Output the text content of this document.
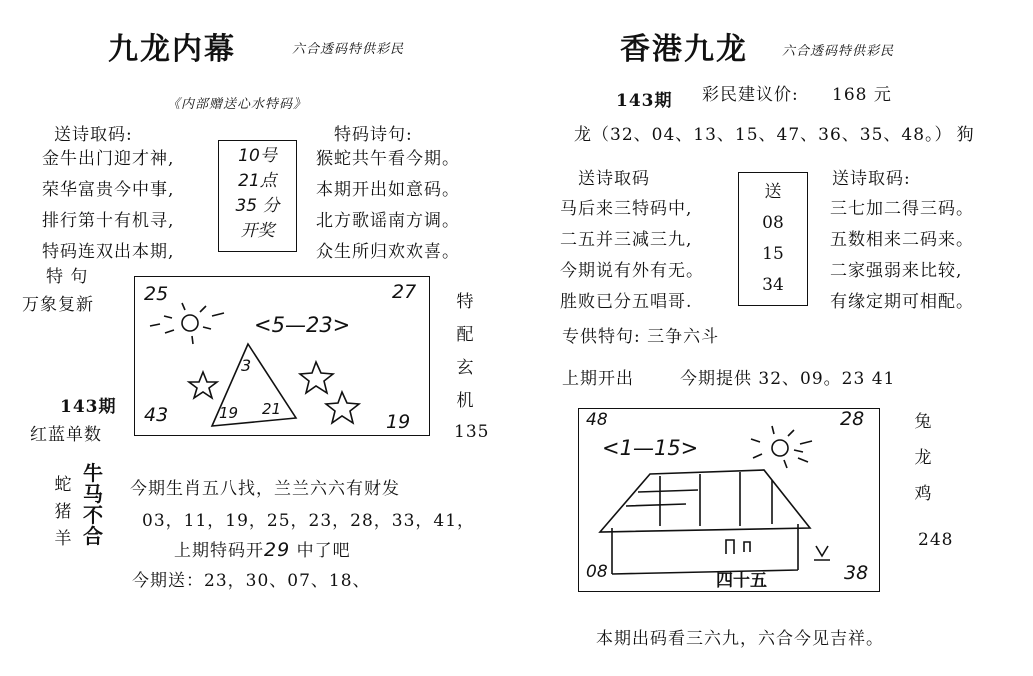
九龙内幕	六合透码特供彩民
《内部赠送心水特码》
送诗取码:
金牛出门迎才神,
荣华富贵今中事,
排行第十有机寻,
特码连双出本期,
10号
21点
35 分
开奖
特码诗句:
猴蛇共午看今期。
本期开出如意码。
北方歌谣南方调。
众生所归欢欢喜。
特 句
万象复新
143期
红蓝单数
25	27
43	19
<5—23>
3
19 21
特
配
玄
机
135
蛇
猪
羊
牛
马
不
合
今期生肖五八找，兰兰六六有财发
03，11，19，25，23，28，33，41，
上期特码开29 中了吧
今期送：23，30、07、18、
香港九龙	六合透码特供彩民
143期 彩民建议价: 168 元
龙（32、04、13、15、47、36、35、48。） 狗
送诗取码
马后来三特码中,
二五并三减三九,
今期说有外有无。
胜败已分五唱哥.
送
08
15
34
送诗取码:
三七加二得三码。
五数相来二码来。
二家强弱来比较,
有缘定期可相配。
专供特句: 三争六斗
上期开出	今期提供 32、09。23 41
48	28
08	38
<1—15>
四十五
兔
龙
鸡
248
本期出码看三六九，六合今见吉祥。
